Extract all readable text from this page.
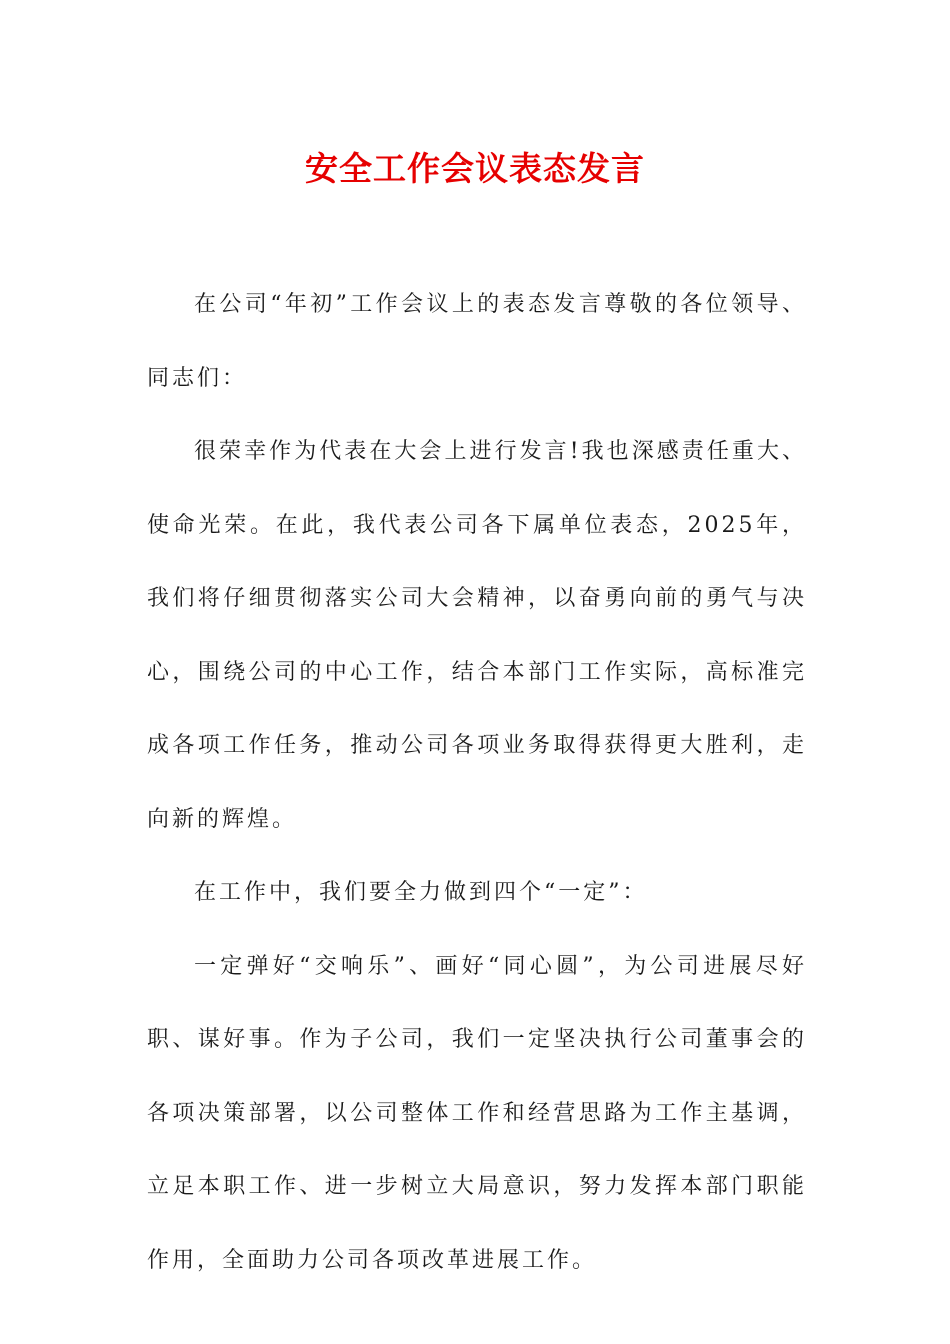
安全工作会议表态发言

在公司“年初”工作会议上的表态发言尊敬的各位领导、同志们：

很荣幸作为代表在大会上进行发言!我也深感责任重大、使命光荣。在此，我代表公司各下属单位表态，2025年，我们将仔细贯彻落实公司大会精神，以奋勇向前的勇气与决心，围绕公司的中心工作，结合本部门工作实际，高标准完成各项工作任务，推动公司各项业务取得获得更大胜利，走向新的辉煌。

在工作中，我们要全力做到四个“一定”：

一定弹好“交响乐”、画好“同心圆”，为公司进展尽好职、谋好事。作为子公司，我们一定坚决执行公司董事会的各项决策部署，以公司整体工作和经营思路为工作主基调，立足本职工作、进一步树立大局意识，努力发挥本部门职能作用，全面助力公司各项改革进展工作。
